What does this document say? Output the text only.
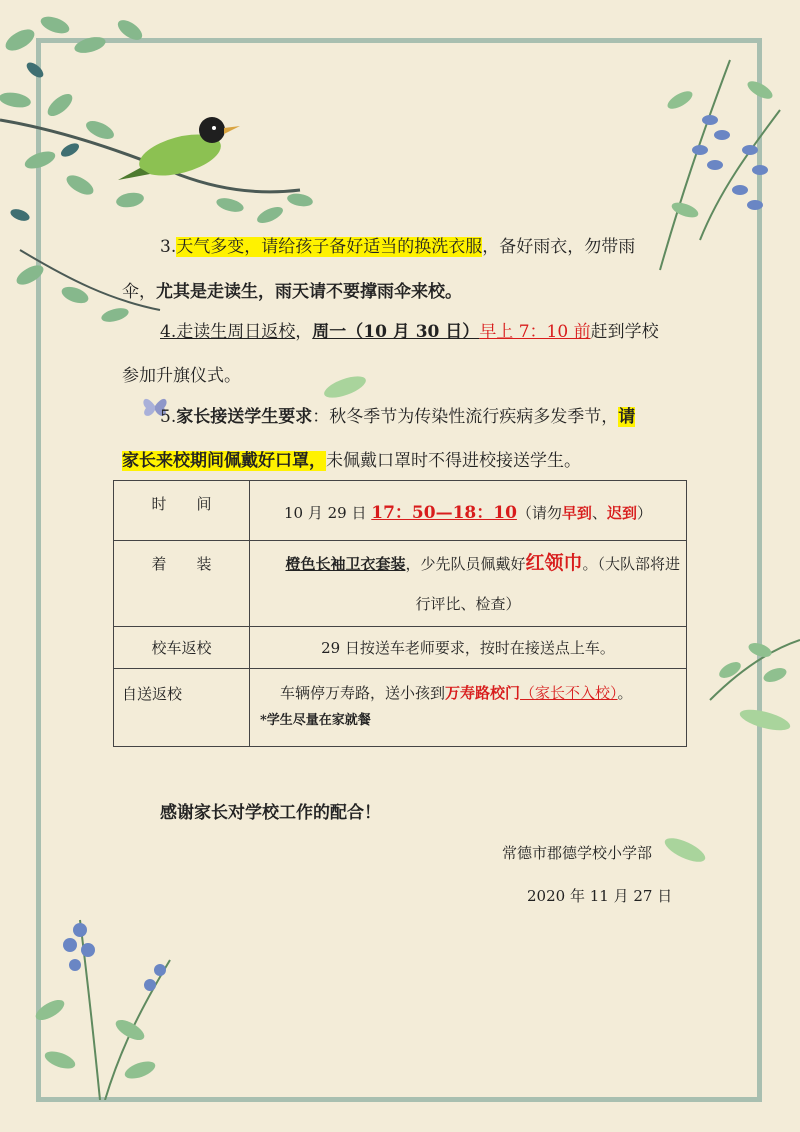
3.天气多变，请给孩子备好适当的换洗衣服，备好雨衣，勿带雨
伞，尤其是走读生，雨天请不要撑雨伞来校。
4.走读生周日返校，周一（10 月 30 日）早上 7：10 前赶到学校
参加升旗仪式。
5.家长接送学生要求：秋冬季节为传染性流行疾病多发季节，请
家长来校期间佩戴好口罩，未佩戴口罩时不得进校接送学生。
时　　间	10 月 29 日 17：50—18：10（请勿早到、迟到）
着　　装	橙色长袖卫衣套装，少先队员佩戴好红领巾。（大队部将进
行评比、检查）

校车返校	29 日按送车老师要求，按时在接送点上车。
自送返校	车辆停万寿路，送小孩到万寿路校门（家长不入校）。
*学生尽量在家就餐
感谢家长对学校工作的配合！
常德市郡德学校小学部
2020 年 11 月 27 日
